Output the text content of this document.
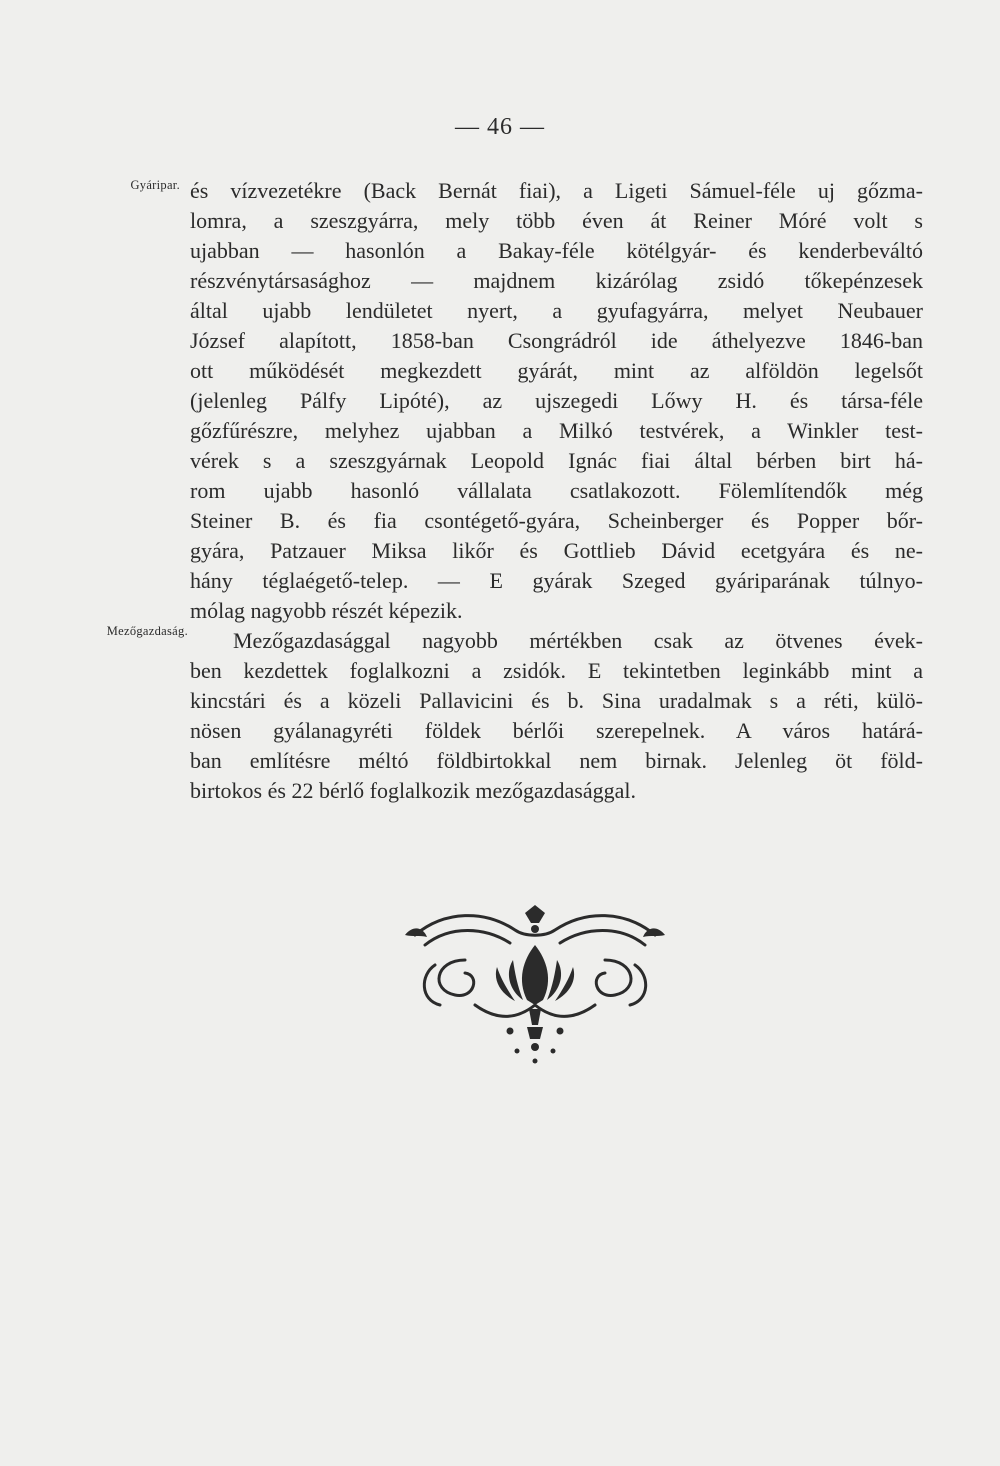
— 46 —
Gyáripar.
Mezőgazdaság.
és vízvezetékre (Back Bernát fiai), a Ligeti Sámuel-féle uj gőzma-
lomra, a szeszgyárra, mely több éven át Reiner Móré volt s
ujabban — hasonlón a Bakay-féle kötélgyár- és kenderbeváltó
részvénytársasághoz — majdnem kizárólag zsidó tőkepénzesek
által ujabb lendületet nyert, a gyufagyárra, melyet Neubauer
József alapított, 1858-ban Csongrádról ide áthelyezve 1846-ban
ott működését megkezdett gyárát, mint az alföldön legelsőt
(jelenleg Pálfy Lipóté), az ujszegedi Lőwy H. és társa-féle
gőzfűrészre, melyhez ujabban a Milkó testvérek, a Winkler test-
vérek s a szeszgyárnak Leopold Ignác fiai által bérben birt há-
rom ujabb hasonló vállalata csatlakozott. Fölemlítendők még
Steiner B. és fia csontégető-gyára, Scheinberger és Popper bőr-
gyára, Patzauer Miksa likőr és Gottlieb Dávid ecetgyára és ne-
hány téglaégető-telep. — E gyárak Szeged gyáriparának túlnyo-
mólag nagyobb részét képezik.
Mezőgazdasággal nagyobb mértékben csak az ötvenes évek-
ben kezdettek foglalkozni a zsidók. E tekintetben leginkább mint a
kincstári és a közeli Pallavicini és b. Sina uradalmak s a réti, külö-
nösen gyálanagyréti földek bérlői szerepelnek. A város határá-
ban említésre méltó földbirtokkal nem birnak. Jelenleg öt föld-
birtokos és 22 bérlő foglalkozik mezőgazdasággal.
